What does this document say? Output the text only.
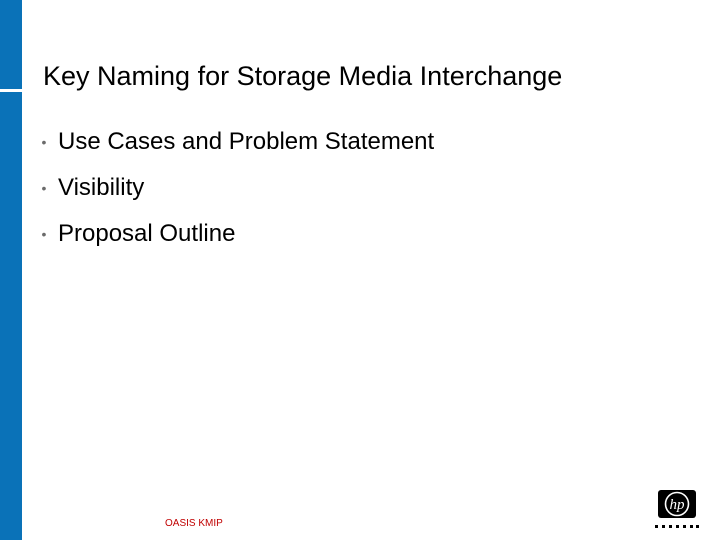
Key Naming for Storage Media Interchange
• Use Cases and Problem Statement
• Visibility
• Proposal Outline
OASIS KMIP
hp
